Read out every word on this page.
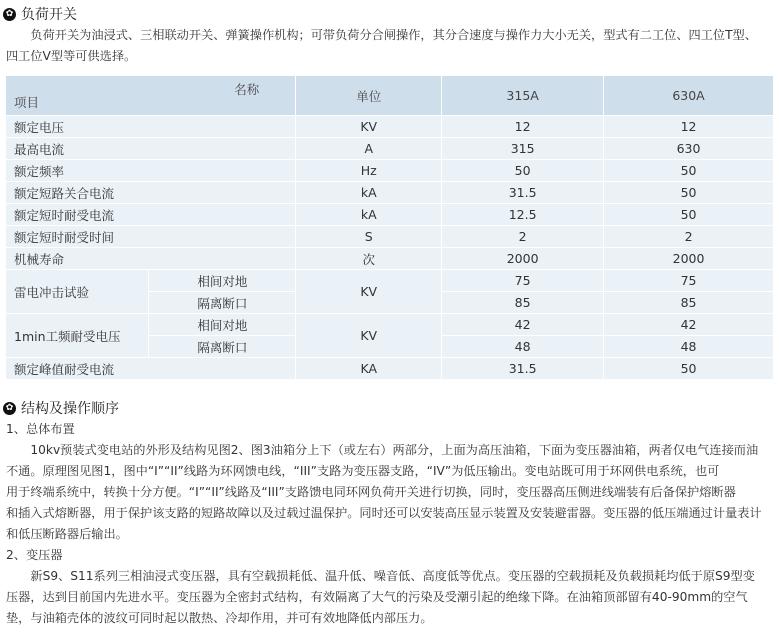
✿ 负荷开关
负荷开关为油浸式、三相联动开关、弹簧操作机构；可带负荷分合闸操作，其分合速度与操作力大小无关，型式有二工位、四工位T型、
四工位V型等可供选择。
名称
项目		单位	315A	630A
额定电压		KV	12	12
最高电流		A	315	630
额定频率		Hz	50	50
额定短路关合电流		kA	31.5	50
额定短时耐受电流		kA	12.5	50
额定短时耐受时间		S	2	2
机械寿命		次	2000	2000
雷电冲击试验	相间对地	KV	75	75
	隔离断口		85	85
1min工频耐受电压	相间对地	KV	42	42
	隔离断口		48	48
额定峰值耐受电流		KA	31.5	50
✿ 结构及操作顺序
1、总体布置
10kv预装式变电站的外形及结构见图2、图3油箱分上下（或左右）两部分，上面为高压油箱，下面为变压器油箱，两者仅电气连接而油
不通。原理图见图1，图中“I”“II”线路为环网馈电线，“III”支路为变压器支路，“IV”为低压输出。变电站既可用于环网供电系统，也可
用于终端系统中，转换十分方便。“I”“II”线路及“III”支路馈电同环网负荷开关进行切换，同时，变压器高压侧进线端装有后备保护熔断器
和插入式熔断器，用于保护该支路的短路故障以及过载过温保护。同时还可以安装高压显示装置及安装避雷器。变压器的低压端通过计量表计
和低压断路器后输出。
2、变压器
新S9、S11系列三相油浸式变压器，具有空载损耗低、温升低、噪音低、高度低等优点。变压器的空载损耗及负载损耗均低于原S9型变
压器，达到目前国内先进水平。变压器为全密封式结构，有效隔离了大气的污染及受潮引起的绝缘下降。在油箱顶部留有40-90mm的空气
垫，与油箱壳体的波纹可同时起以散热、冷却作用，并可有效地降低内部压力。
